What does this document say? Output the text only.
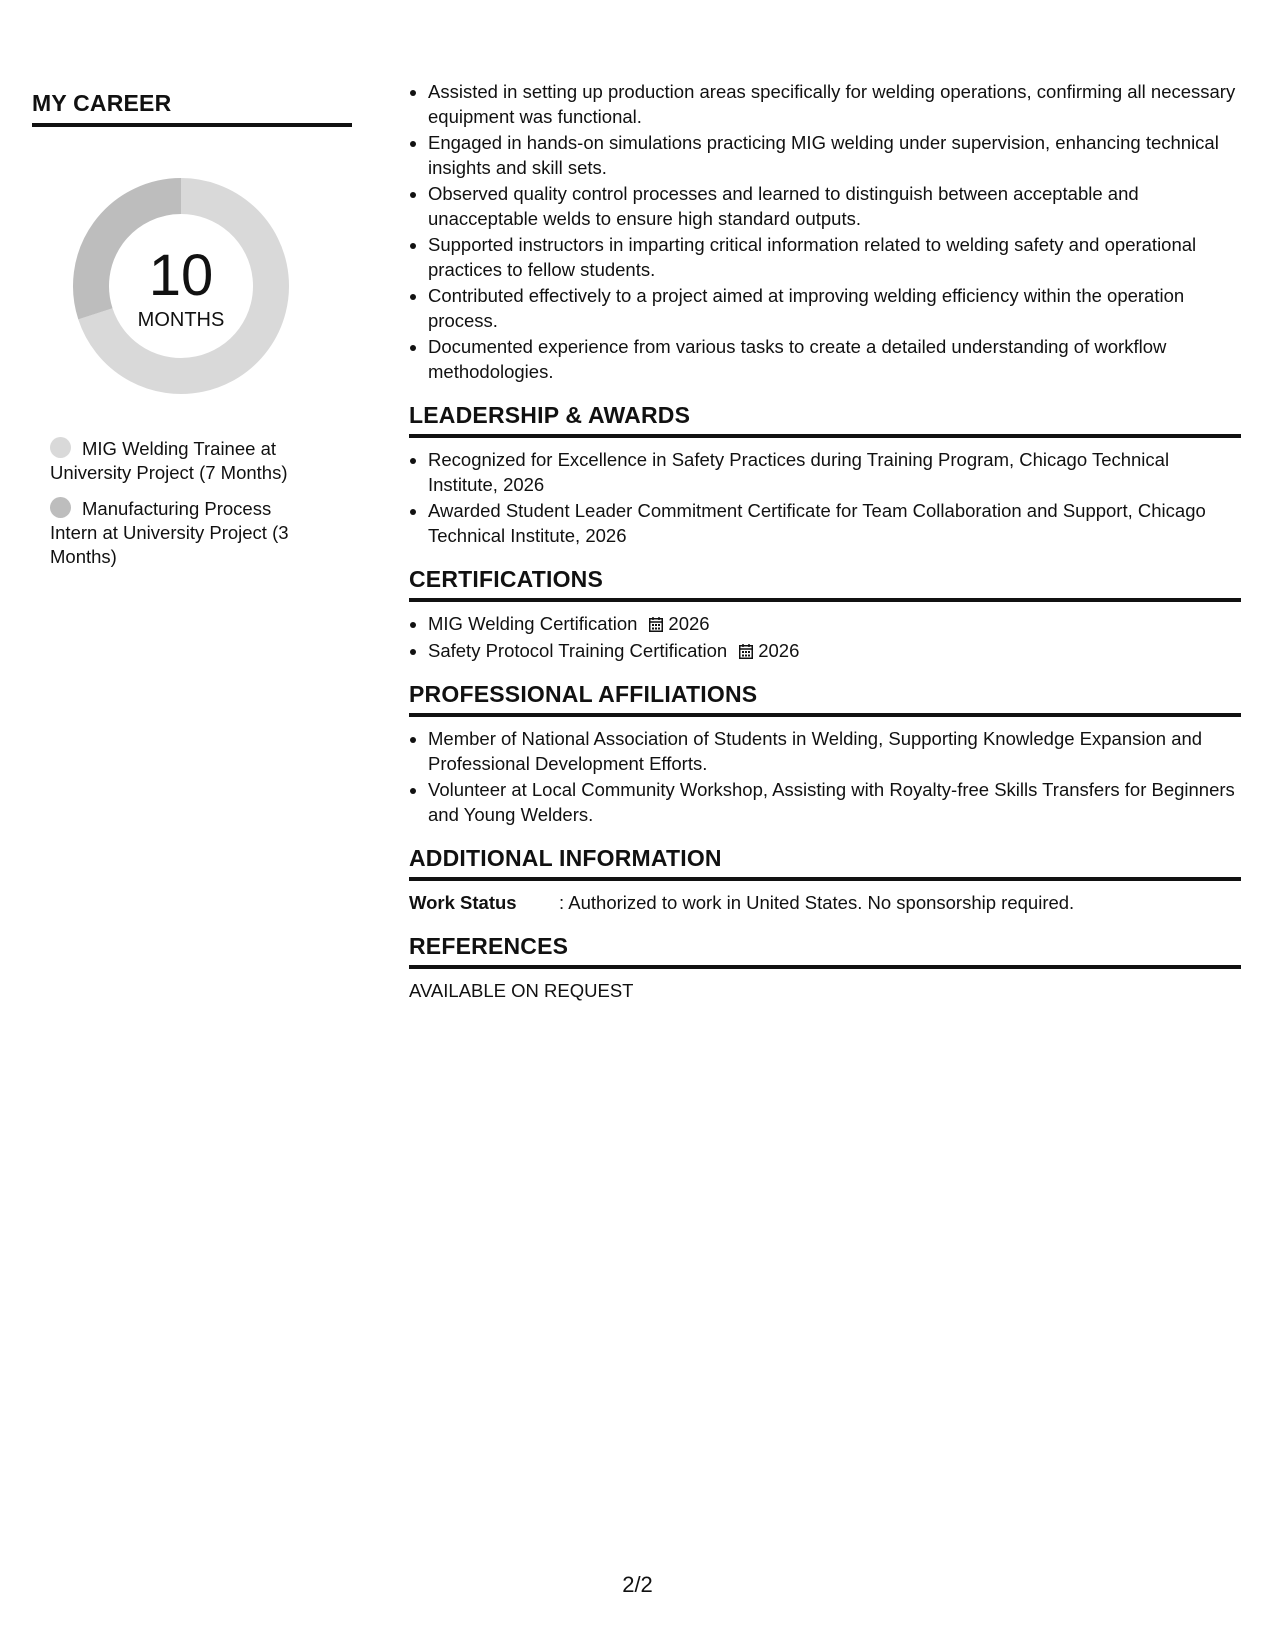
MY CAREER
10
MONTHS
MIG Welding Trainee at University Project (7 Months)
Manufacturing Process Intern at University Project (3 Months)
• Assisted in setting up production areas specifically for welding operations, confirming all necessary equipment was functional.
• Engaged in hands-on simulations practicing MIG welding under supervision, enhancing technical insights and skill sets.
• Observed quality control processes and learned to distinguish between acceptable and unacceptable welds to ensure high standard outputs.
• Supported instructors in imparting critical information related to welding safety and operational practices to fellow students.
• Contributed effectively to a project aimed at improving welding efficiency within the operation process.
• Documented experience from various tasks to create a detailed understanding of workflow methodologies.
LEADERSHIP & AWARDS
• Recognized for Excellence in Safety Practices during Training Program, Chicago Technical Institute, 2026
• Awarded Student Leader Commitment Certificate for Team Collaboration and Support, Chicago Technical Institute, 2026
CERTIFICATIONS
• MIG Welding Certification 2026
• Safety Protocol Training Certification 2026
PROFESSIONAL AFFILIATIONS
• Member of National Association of Students in Welding, Supporting Knowledge Expansion and Professional Development Efforts.
• Volunteer at Local Community Workshop, Assisting with Royalty-free Skills Transfers for Beginners and Young Welders.
ADDITIONAL INFORMATION
Work Status : Authorized to work in United States. No sponsorship required.
REFERENCES
AVAILABLE ON REQUEST
2/2
